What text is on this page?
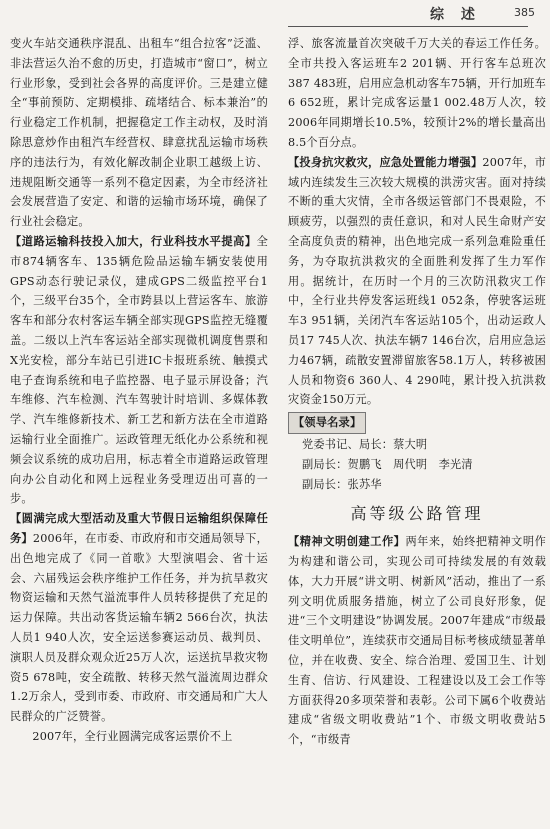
综 述	385

变火车站交通秩序混乱、出租车“组合拉客”泛滥、非法营运久治不愈的历史，打造城市“窗口”，树立行业形象，受到社会各界的高度评价。三是建立健全“事前预防、定期模排、疏堵结合、标本兼治”的行业稳定工作机制，把握稳定工作主动权，及时消除思意炒作由租汽车经营权、肆意扰乱运输市场秩序的违法行为，有效化解改制企业职工越级上访、违规阻断交通等一系列不稳定因素，为全市经济社会发展营造了安定、和谐的运输市场环境，确保了行业社会稳定。

【道路运输科技投入加大，行业科技水平提高】全市874辆客车、135辆危险品运输车辆安装使用GPS动态行驶记录仪，建成GPS二级监控平台1个，三级平台35个，全市跨县以上营运客车、旅游客车和部分农村客运车辆全部实现GPS监控无缝覆盖。二级以上汽车客运站全部实现微机调度售票和X光安检，部分车站已引进IC卡报班系统、触摸式电子查询系统和电子监控器、电子显示屏设备；汽车维修、汽车检测、汽车驾驶计时培训、多媒体教学、汽车维修新技术、新工艺和新方法在全市道路运输行业全面推广。运政管理无纸化办公系统和视频会议系统的成功启用，标志着全市道路运政管理向办公自动化和网上远程业务受理迈出可喜的一步。

【圆满完成大型活动及重大节假日运输组织保障任务】2006年，在市委、市政府和市交通局领导下，出色地完成了《同一首歌》大型演唱会、省十运会、六届残运会秩序维护工作任务，并为抗旱救灾物资运输和天然气溢流事件人员转移提供了充足的运力保障。共出动客货运输车辆2 566台次，执法人员1 940人次，安全运送参赛运动员、裁判员、演职人员及群众观众近25万人次，运送抗旱救灾物资5 678吨，安全疏散、转移天然气溢流周边群众1.2万余人，受到市委、市政府、市交通局和广大人民群众的广泛赞誉。

2007年，全行业圆满完成客运票价不上

浮、旅客流量首次突破千万大关的春运工作任务。全市共投入客运班车2 201辆、开行客车总班次387 483班，启用应急机动客车75辆，开行加班车6 652班，累计完成客运量1 002.48万人次，较2006年同期增长10.5%，较预计2%的增长量高出8.5个百分点。

【投身抗灾救灾，应急处置能力增强】2007年，市域内连续发生三次较大规模的洪涝灾害。面对持续不断的重大灾情，全市各级运管部门不畏艰险，不顾疲劳，以强烈的责任意识，和对人民生命财产安全高度负责的精神，出色地完成一系列急难险重任务，为夺取抗洪救灾的全面胜利发挥了生力军作用。据统计，在历时一个月的三次防汛救灾工作中，全行业共停发客运班线1 052条，停驶客运班车3 951辆，关闭汽车客运站105个，出动运政人员17 745人次、执法车辆7 146台次，启用应急运力467辆，疏散安置滞留旅客58.1万人，转移被困人员和物资6 360人、4 290吨，累计投入抗洪救灾资金150万元。

【领导名录】
党委书记、局长：蔡大明
副局长：贺鹏飞　周代明　李光清
副局长：张苏华
高等级公路管理

【精神文明创建工作】两年来，始终把精神文明作为构建和谐公司，实现公司可持续发展的有效载体，大力开展“讲文明、树新风”活动，推出了一系列文明优质服务措施，树立了公司良好形象，促进“三个文明建设”协调发展。2007年建成“市级最佳文明单位”，连续获市交通局目标考核成绩显著单位，并在收费、安全、综合治理、爱国卫生、计划生育、信访、行风建设、工程建设以及工会工作等方面获得20多项荣誉和表彰。公司下属6个收费站建成“省级文明收费站”1个、市级文明收费站5个，“市级青
